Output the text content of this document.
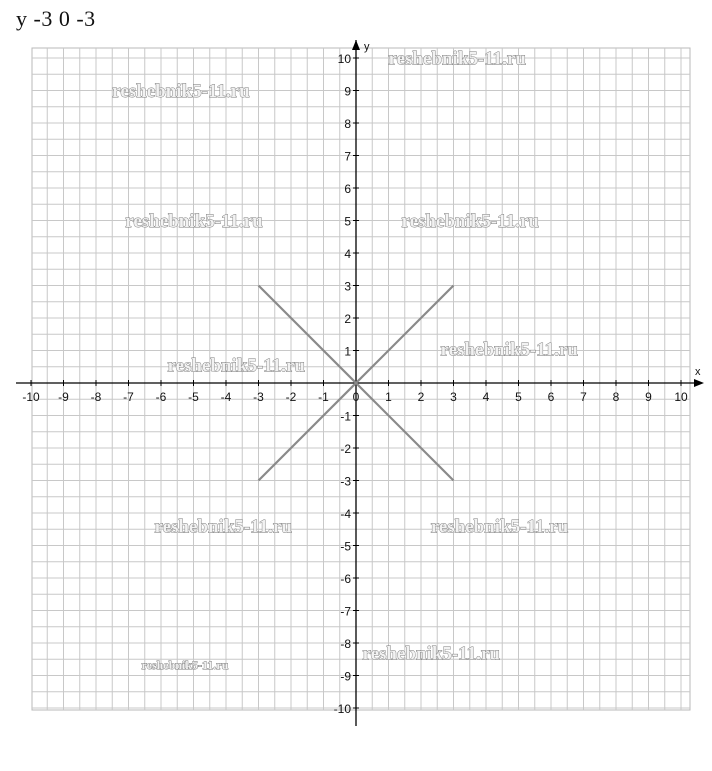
y -3 0 -3
x
y
-10 -9 -8 -7 -6 -5 -4 -3 -2 -1 0 1 2 3 4 5 6 7 8 9 10
-10
-9
-8
-7
-6
-5
-4
-3
-2
-1
1
2
3
4
5
6
7
8
9
10 reshebnik5-11.ru
reshebnik5-11.ru
reshebnik5-11.ru	reshebnik5-11.ru
reshebnik5-11.ru
reshebnik5-11.ru
reshebnik5-11.ru	reshebnik5-11.ru
reshebnik5-11.ru
reshebnik5-11.ru
